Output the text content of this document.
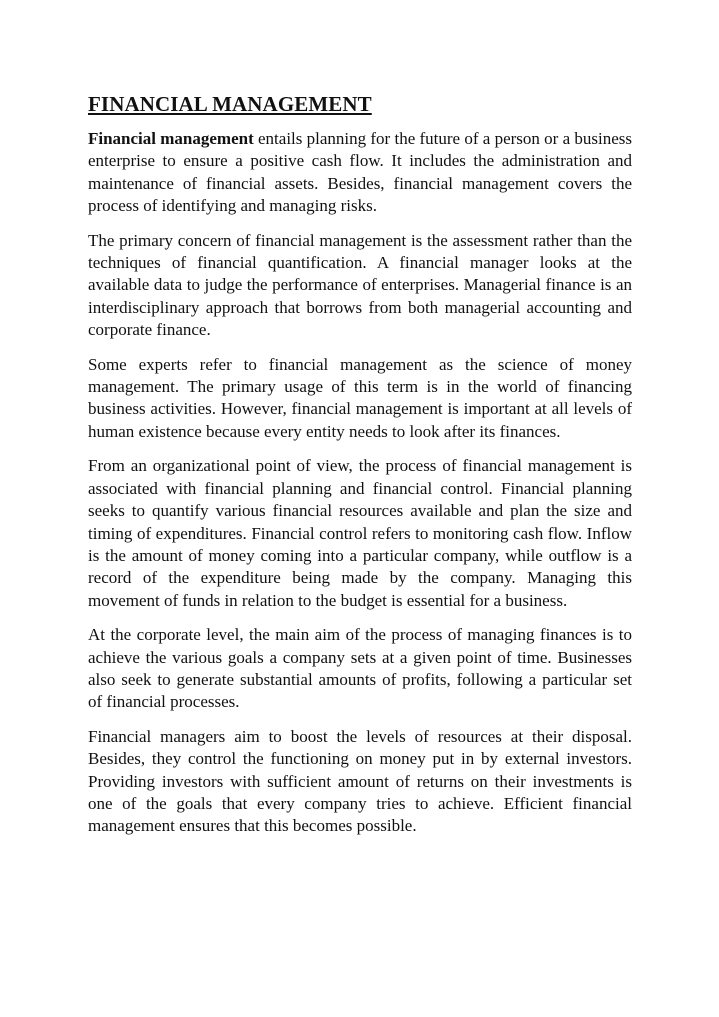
FINANCIAL MANAGEMENT

Financial management entails planning for the future of a person or a business enterprise to ensure a positive cash flow. It includes the administration and maintenance of financial assets. Besides, financial management covers the process of identifying and managing risks.

The primary concern of financial management is the assessment rather than the techniques of financial quantification. A financial manager looks at the available data to judge the performance of enterprises. Managerial finance is an interdisciplinary approach that borrows from both managerial accounting and corporate finance.

Some experts refer to financial management as the science of money management. The primary usage of this term is in the world of financing business activities. However, financial management is important at all levels of human existence because every entity needs to look after its finances.

From an organizational point of view, the process of financial management is associated with financial planning and financial control. Financial planning seeks to quantify various financial resources available and plan the size and timing of expenditures. Financial control refers to monitoring cash flow. Inflow is the amount of money coming into a particular company, while outflow is a record of the expenditure being made by the company. Managing this movement of funds in relation to the budget is essential for a business.

At the corporate level, the main aim of the process of managing finances is to achieve the various goals a company sets at a given point of time. Businesses also seek to generate substantial amounts of profits, following a particular set of financial processes.

Financial managers aim to boost the levels of resources at their disposal. Besides, they control the functioning on money put in by external investors. Providing investors with sufficient amount of returns on their investments is one of the goals that every company tries to achieve. Efficient financial management ensures that this becomes possible.
